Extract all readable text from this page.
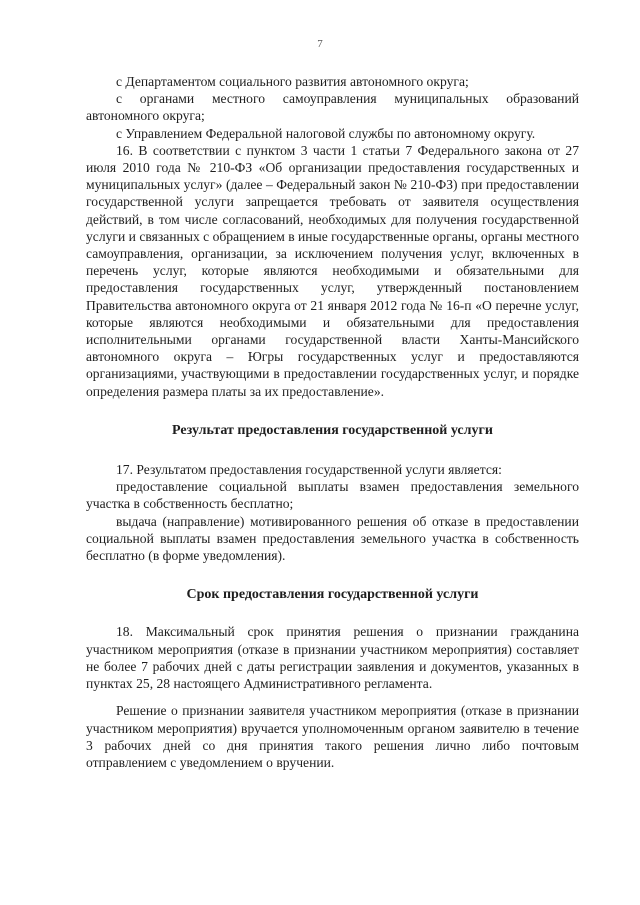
7

с Департаментом социального развития автономного округа;

с органами местного самоуправления муниципальных образований автономного округа;

с Управлением Федеральной налоговой службы по автономному округу.

16. В соответствии с пунктом 3 части 1 статьи 7 Федерального закона от 27 июля 2010 года № 210-ФЗ «Об организации предоставления государственных и муниципальных услуг» (далее – Федеральный закон № 210-ФЗ) при предоставлении государственной услуги запрещается требовать от заявителя осуществления действий, в том числе согласований, необходимых для получения государственной услуги и связанных с обращением в иные государственные органы, органы местного самоуправления, организации, за исключением получения услуг, включенных в перечень услуг, которые являются необходимыми и обязательными для предоставления государственных услуг, утвержденный постановлением Правительства автономного округа от 21 января 2012 года № 16-п «О перечне услуг, которые являются необходимыми и обязательными для предоставления исполнительными органами государственной власти Ханты-Мансийского автономного округа – Югры государственных услуг и предоставляются организациями, участвующими в предоставлении государственных услуг, и порядке определения размера платы за их предоставление».

Результат предоставления государственной услуги

17. Результатом предоставления государственной услуги является:

предоставление социальной выплаты взамен предоставления земельного участка в собственность бесплатно;

выдача (направление) мотивированного решения об отказе в предоставлении социальной выплаты взамен предоставления земельного участка в собственность бесплатно (в форме уведомления).

Срок предоставления государственной услуги

18. Максимальный срок принятия решения о признании гражданина участником мероприятия (отказе в признании участником мероприятия) составляет не более 7 рабочих дней с даты регистрации заявления и документов, указанных в пунктах 25, 28 настоящего Административного регламента.

Решение о признании заявителя участником мероприятия (отказе в признании участником мероприятия) вручается уполномоченным органом заявителю в течение 3 рабочих дней со дня принятия такого решения лично либо почтовым отправлением с уведомлением о вручении.
